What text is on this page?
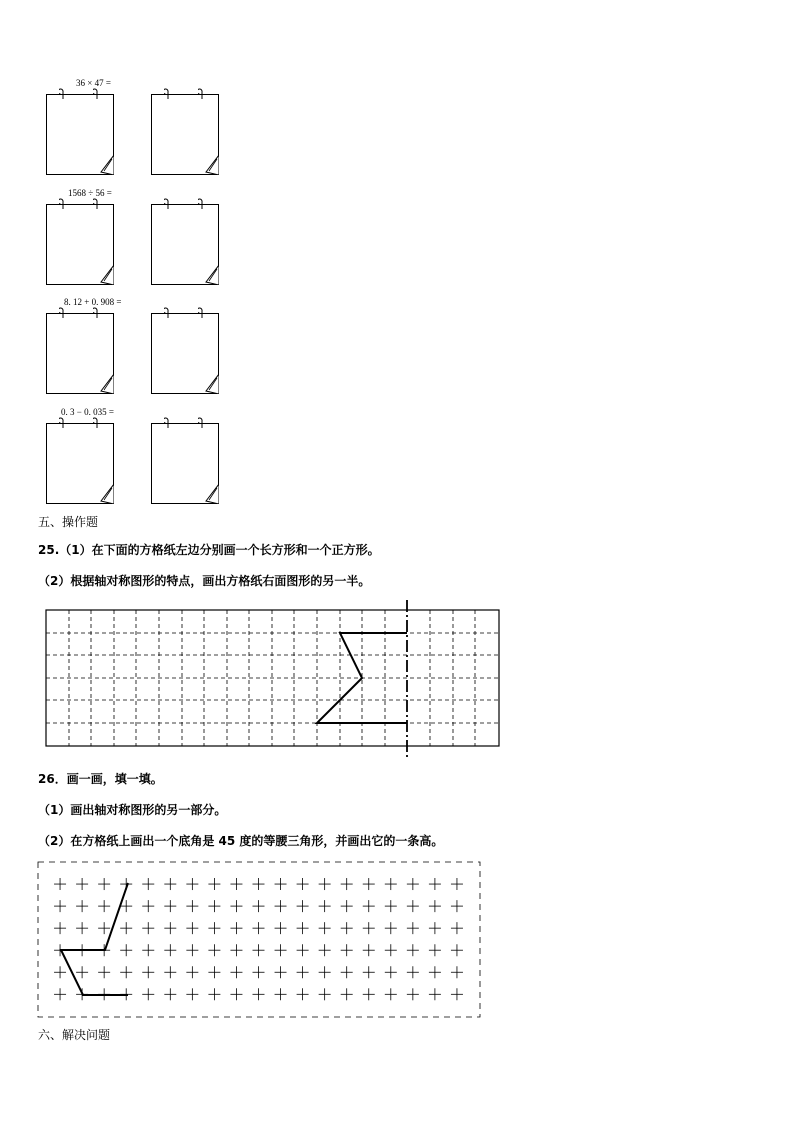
36 × 47 =
1568 ÷ 56 =
8. 12 + 0. 908 =
0. 3 − 0. 035 =
五、操作题
25.（1）在下面的方格纸左边分别画一个长方形和一个正方形。
（2）根据轴对称图形的特点，画出方格纸右面图形的另一半。
26．画一画，填一填。
（1）画出轴对称图形的另一部分。
（2）在方格纸上画出一个底角是 45 度的等腰三角形，并画出它的一条高。
六、解决问题
